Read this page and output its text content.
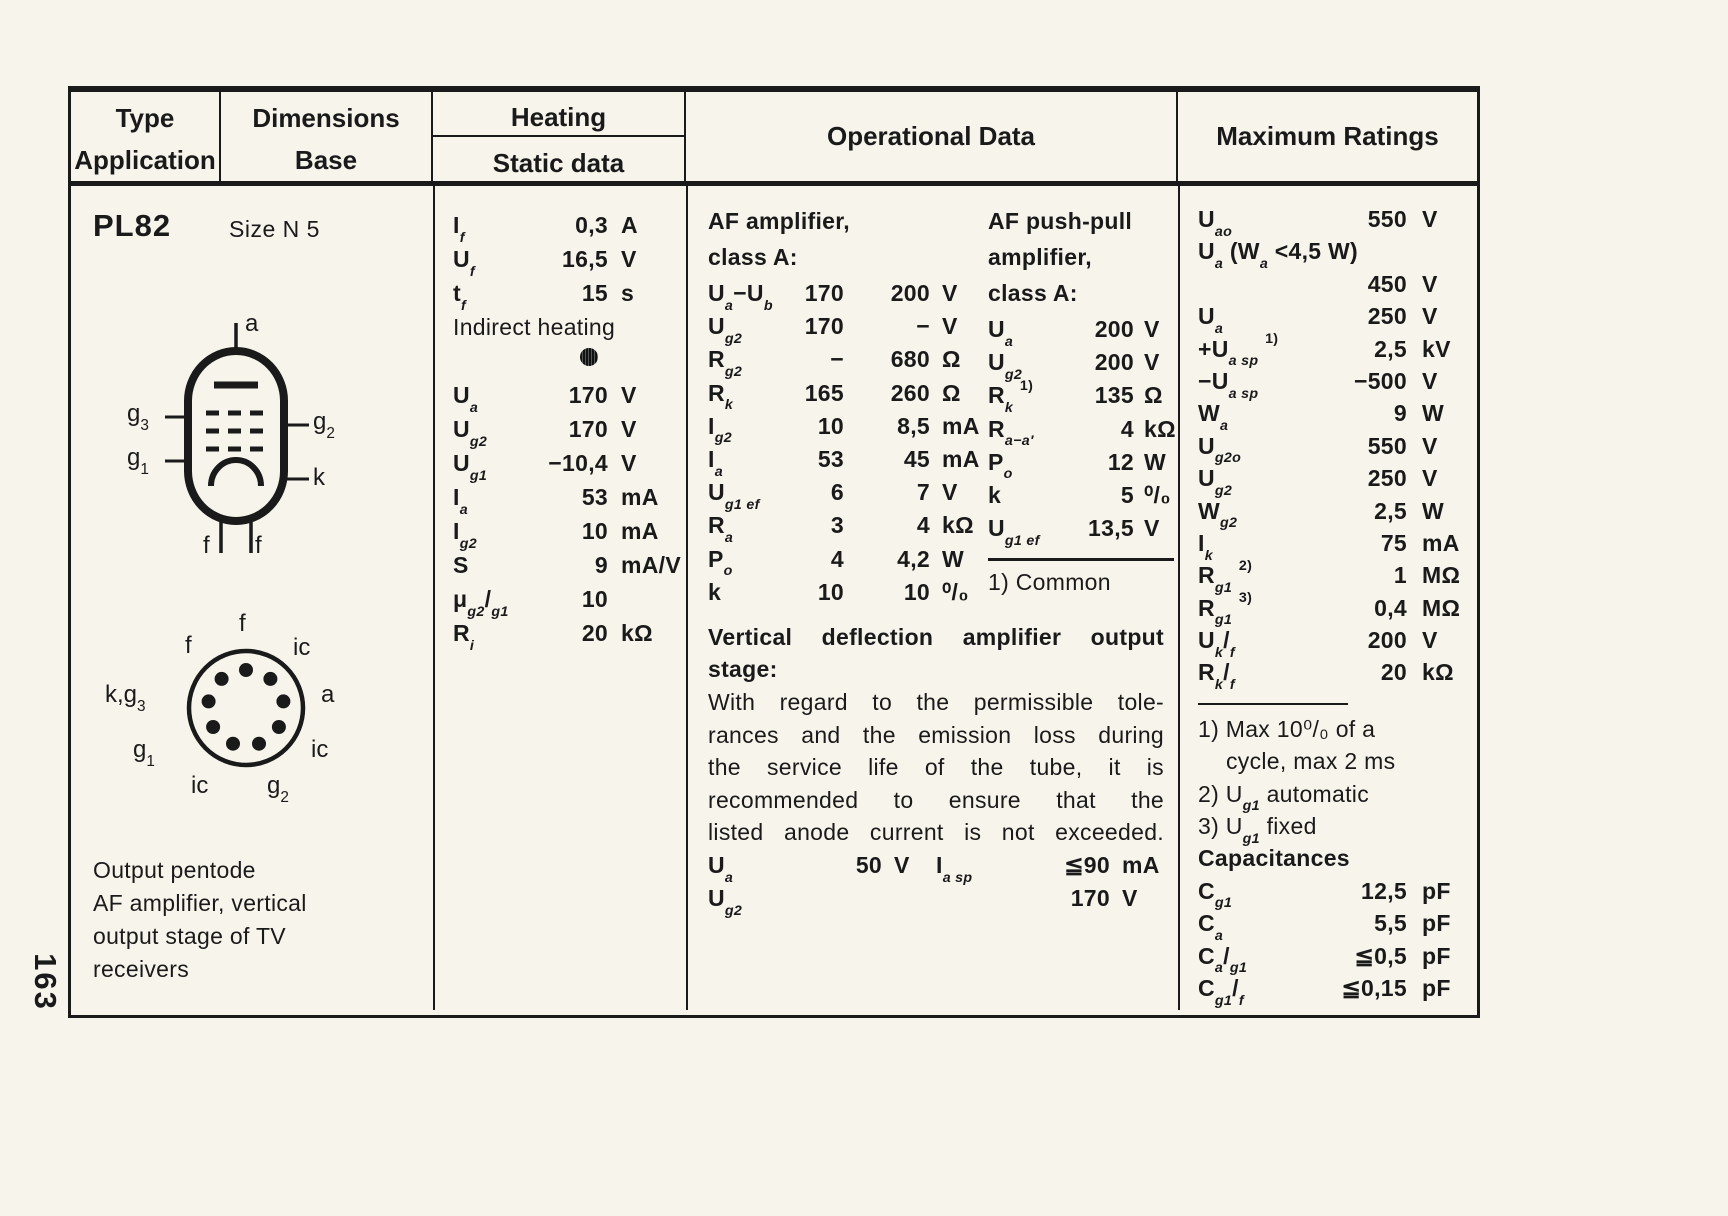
163
Type
Application
Dimensions
Base
Heating
Static data
Operational Data	Maximum Ratings
PL82	Size N 5
a
$g_3$	$g_2$
$g_1$	k
f f
f
f
ic
a
ic
$g_2$
ic
$g_1$
$k,g_3$
Output pentode
AF amplifier, vertical
output stage of TV
receivers
$I_f$	0,3 A
$U_f$	16,5 V
$t_f$	15 s
Indirect heating
$U_a$	170 V
$U_{g2}$	170 V
$U_{g1}$	−10,4 V
$I_a$	53 mA
$I_{g2}$	10 mA
S	9 mA/V
$\mu_{g2}/_{g1}$	10
$R_i$	20 kΩ
AF amplifier,
class A:
$U_a-U_b$	170	200 V
$U_{g2}$	170	− V
$R_{g2}$	−	680 Ω
$R_k$	165	260 Ω
$I_{g2}$	10	8,5 mA
$I_a$	53	45 mA
$U_{g1 ef}$	6	7 V
$R_a$	3	4 kΩ
$P_o$	4	4,2 W
k	10	10 ⁰/₀
AF push-pull
amplifier,
class A:
$U_a$	200 V
$U_{g2}$	200 V
$R_k$ $^{1)}$	135 Ω
$R_{a-a'}$	4 kΩ
$P_o$	12 W
k	5 ⁰/₀
$U_{g1 ef}$	13,5 V
1) Common
Vertical deflection amplifier output
stage:
With regard to the permissible tole-
rances and the emission loss during
the service life of the tube, it is
recommended to ensure that the
listed anode current is not exceeded.
$U_a$	50 V	$I_{a sp}$	≦90 mA
$U_{g2}$	170 V
$U_{ao}$	550 V
$U_a$ ($W_a <4,5$ W)
450 V
$U_a$	250 V
$+U_{a sp}$ $^{1)}$	2,5 kV
$-U_{a sp}$	−500 V
$W_a$	9 W
$U_{g2o}$	550 V
$U_{g2}$	250 V
$W_{g2}$	2,5 W
$I_k$	75 mA
$R_{g1}$ $^{2)}$	1 MΩ
$R_{g1}$ $^{3)}$	0,4 MΩ
$U_k/_f$	200 V
$R_k/_f$	20 kΩ
1) Max 10⁰/₀ of a
cycle, max 2 ms
2) $U_{g1}$ automatic
3) $U_{g1}$ fixed
Capacitances
$C_{g1}$	12,5 pF
$C_a$	5,5 pF
$C_a/_{g1}$	≦0,5 pF
$C_{g1}/_f$	≦0,15 pF
